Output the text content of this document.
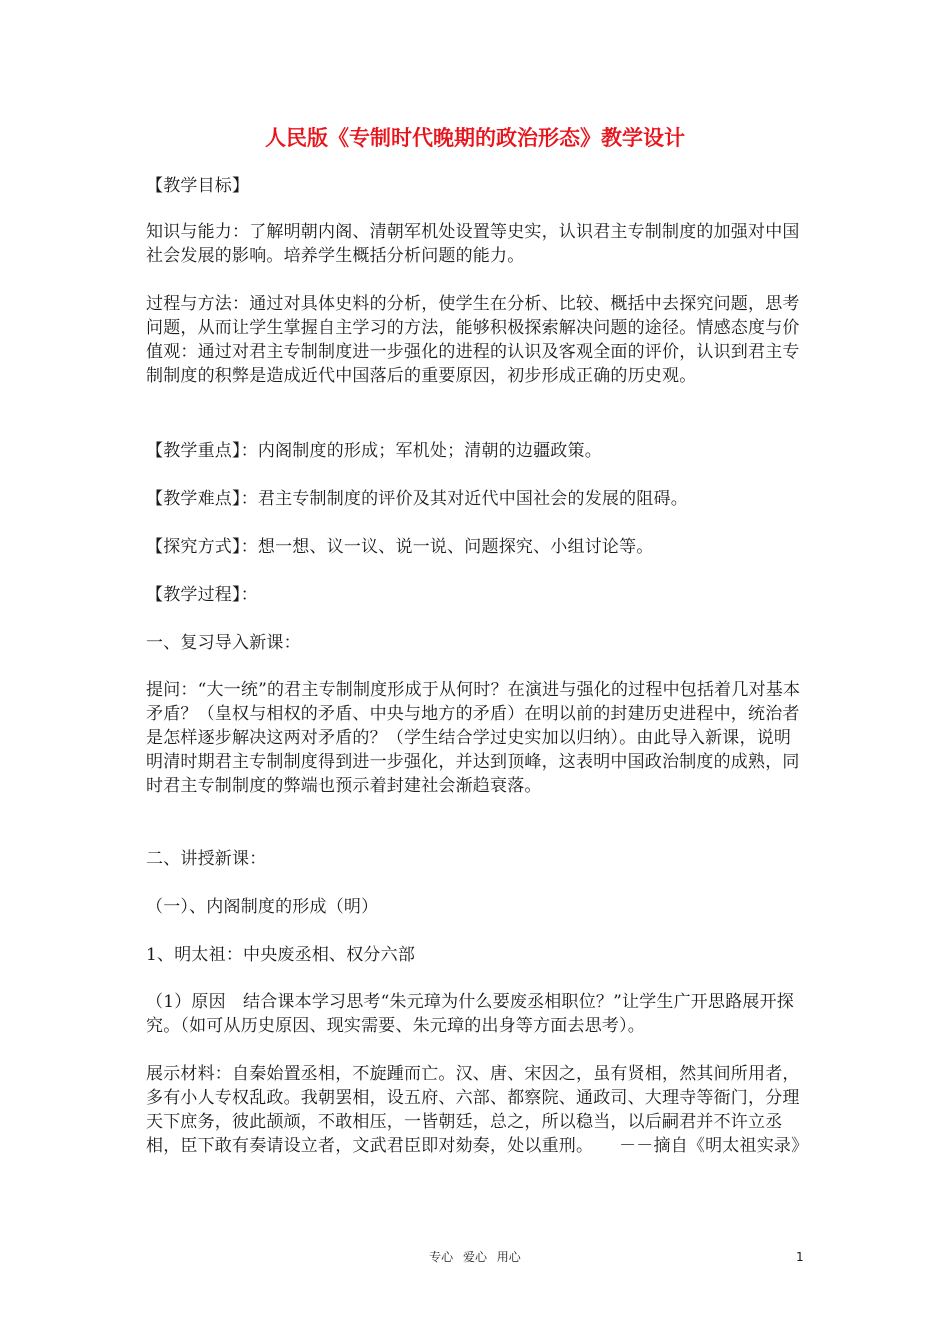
人民版《专制时代晚期的政治形态》教学设计

【教学目标】

知识与能力：了解明朝内阁、清朝军机处设置等史实，认识君主专制制度的加强对中国社会发展的影响。培养学生概括分析问题的能力。

过程与方法：通过对具体史料的分析，使学生在分析、比较、概括中去探究问题，思考问题，从而让学生掌握自主学习的方法，能够积极探索解决问题的途径。情感态度与价值观：通过对君主专制制度进一步强化的进程的认识及客观全面的评价，认识到君主专制制度的积弊是造成近代中国落后的重要原因，初步形成正确的历史观。

【教学重点】：内阁制度的形成；军机处；清朝的边疆政策。

【教学难点】：君主专制制度的评价及其对近代中国社会的发展的阻碍。

【探究方式】：想一想、议一议、说一说、问题探究、小组讨论等。

【教学过程】：

一、复习导入新课：

提问：“大一统”的君主专制制度形成于从何时？在演进与强化的过程中包括着几对基本矛盾？（皇权与相权的矛盾、中央与地方的矛盾）在明以前的封建历史进程中，统治者是怎样逐步解决这两对矛盾的？（学生结合学过史实加以归纳）。由此导入新课，说明明清时期君主专制制度得到进一步强化，并达到顶峰，这表明中国政治制度的成熟，同时君主专制制度的弊端也预示着封建社会渐趋衰落。

二、讲授新课：

（一）、内阁制度的形成（明）

1、明太祖：中央废丞相、权分六部

（1）原因　结合课本学习思考“朱元璋为什么要废丞相职位？”让学生广开思路展开探究。（如可从历史原因、现实需要、朱元璋的出身等方面去思考）。

展示材料：自秦始置丞相，不旋踵而亡。汉、唐、宋因之，虽有贤相，然其间所用者，多有小人专权乱政。我朝罢相，设五府、六部、都察院、通政司、大理寺等衙门，分理天下庶务，彼此颉颃，不敢相压，一皆朝廷，总之，所以稳当，以后嗣君并不许立丞相，臣下敢有奏请设立者，文武君臣即对劾奏，处以重刑。　　－－摘自《明太祖实录》

专心 爱心 用心	1
